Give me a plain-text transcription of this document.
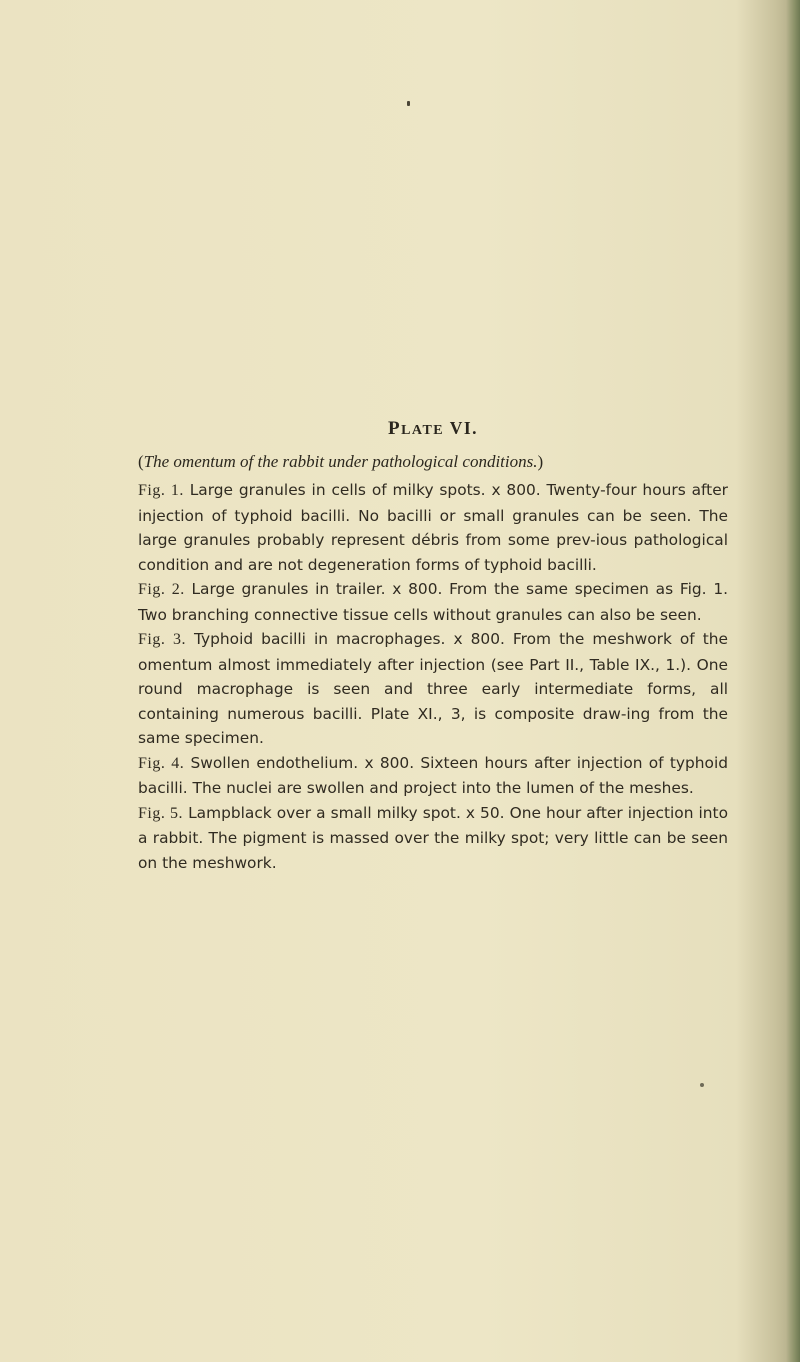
PLATE VI.

(The omentum of the rabbit under pathological conditions.)

Fig. 1. Large granules in cells of milky spots. x 800. Twenty-four hours after injection of typhoid bacilli. No bacilli or small granules can be seen. The large granules probably represent débris from some prev-ious pathological condition and are not degeneration forms of typhoid bacilli.

Fig. 2. Large granules in trailer. x 800. From the same specimen as Fig. 1. Two branching connective tissue cells without granules can also be seen.

Fig. 3. Typhoid bacilli in macrophages. x 800. From the meshwork of the omentum almost immediately after injection (see Part II., Table IX., 1.). One round macrophage is seen and three early intermediate forms, all containing numerous bacilli. Plate XI., 3, is composite draw-ing from the same specimen.

Fig. 4. Swollen endothelium. x 800. Sixteen hours after injection of typhoid bacilli. The nuclei are swollen and project into the lumen of the meshes.

Fig. 5. Lampblack over a small milky spot. x 50. One hour after injection into a rabbit. The pigment is massed over the milky spot; very little can be seen on the meshwork.
